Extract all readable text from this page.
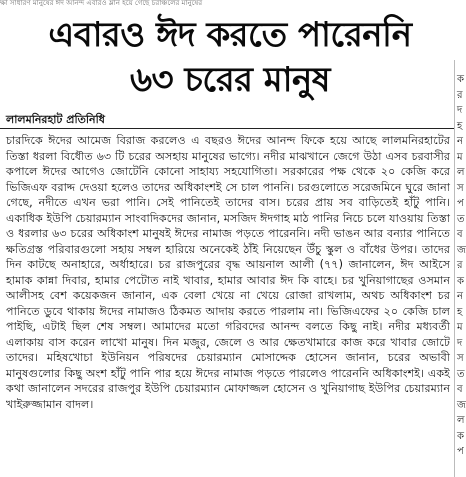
ক্ষা সাধারণ মানুষের ঈদ আনন্দ এবারও ম্লান হয়ে গেছে চরাঞ্চলের মানুষের
এবারও ঈদ করতে পারেননি
৬৩ চরের মানুষ
লালমনিরহাট প্রতিনিধি
চারদিকে ঈদের আমেজ বিরাজ করলেও এ বছরও ঈদের আনন্দ ফিকে হয়ে আছে লালমনিরহাটের তিস্তা ধরলা বিধৌত ৬৩ টি চরের অসহায় মানুষের ভাগ্যে। নদীর মাঝখানে জেগে উঠা এসব চরবাসীর কপালে ঈদের আগেও জোটেনি কোনো সাহায্য সহযোগিতা। সরকারের পক্ষ থেকে ২০ কেজি করে ভিজিএফ বরাদ্দ দেওয়া হলেও তাদের অধিকাংশই সে চাল পাননি। চরগুলোতে সরেজমিনে ঘুরে জানা গেছে, নদীতে এখন ভরা পানি। সেই পানিতেই তাদের বাস। চরের প্রায় সব বাড়িতেই হাঁটু পানি। একাধিক ইউপি চেয়ারম্যান সাংবাদিকদের জানান, মসজিদ ঈদগাহ মাঠ পানির নিচে চলে যাওয়ায় তিস্তা ও ধরলার ৬৩ চরের অধিকাংশ মানুষই ঈদের নামাজ পড়তে পারেননি। নদী ভাঙন আর বন্যার পানিতে ক্ষতিগ্রস্ত পরিবারগুলো সহায় সম্বল হারিয়ে অনেকেই ঠাঁই নিয়েছেন উঁচু স্কুল ও বাঁধের উপর। তাদের দিন কাটছে অনাহারে, অর্ধাহারে। চর রাজপুরের বৃদ্ধ আয়নাল আলী (৭৭) জানালেন, ঈদ আইসে হামাক কান্না দিবার, হামার পেটোত নাই খাবার, হামার আবার ঈদ কি বাহে। চর খুনিয়াগাছের ওসমান আলীসহ বেশ কয়েকজন জানান, এক বেলা খেয়ে না খেয়ে রোজা রাখলাম, অথচ অধিকাংশ চর পানিতে ডুবে থাকায় ঈদের নামাজও ঠিকমত আদায় করতে পারলাম না। ভিজিএফের ২০ কেজি চাল পাইছি, এটাই ছিল শেষ সম্বল। আমাদের মতো গরিবদের আনন্দ বলতে কিছু নাই। নদীর মধ্যবর্তী এলাকায় বাস করেন লাখো মানুষ। দিন মজুর, জেলে ও আর ক্ষেতখামারে কাজ করে খাবার জোটে তাদের। মহিষখোচা ইউনিয়ন পরিষদের চেয়ারম্যান মোসাদ্দেক হোসেন জানান, চরের অভাবী মানুষগুলোর কিছু অংশ হাঁটু পানি পার হয়ে ঈদের নামাজ পড়তে পারলেও পারেননি অধিকাংশই। একই কথা জানালেন সদরের রাজপুর ইউপি চেয়ারম্যান মোফাজ্জল হোসেন ও খুনিয়াগাছ ইউপির চেয়ারম্যান খাইরুজ্জামান বাদল।
ক
র
দ
হ
ন
ম
ল
স
প
ত
ব
জ
র
ক
ন
হ
ম
দ
স
ত
ব
জ
ল
ক
প
